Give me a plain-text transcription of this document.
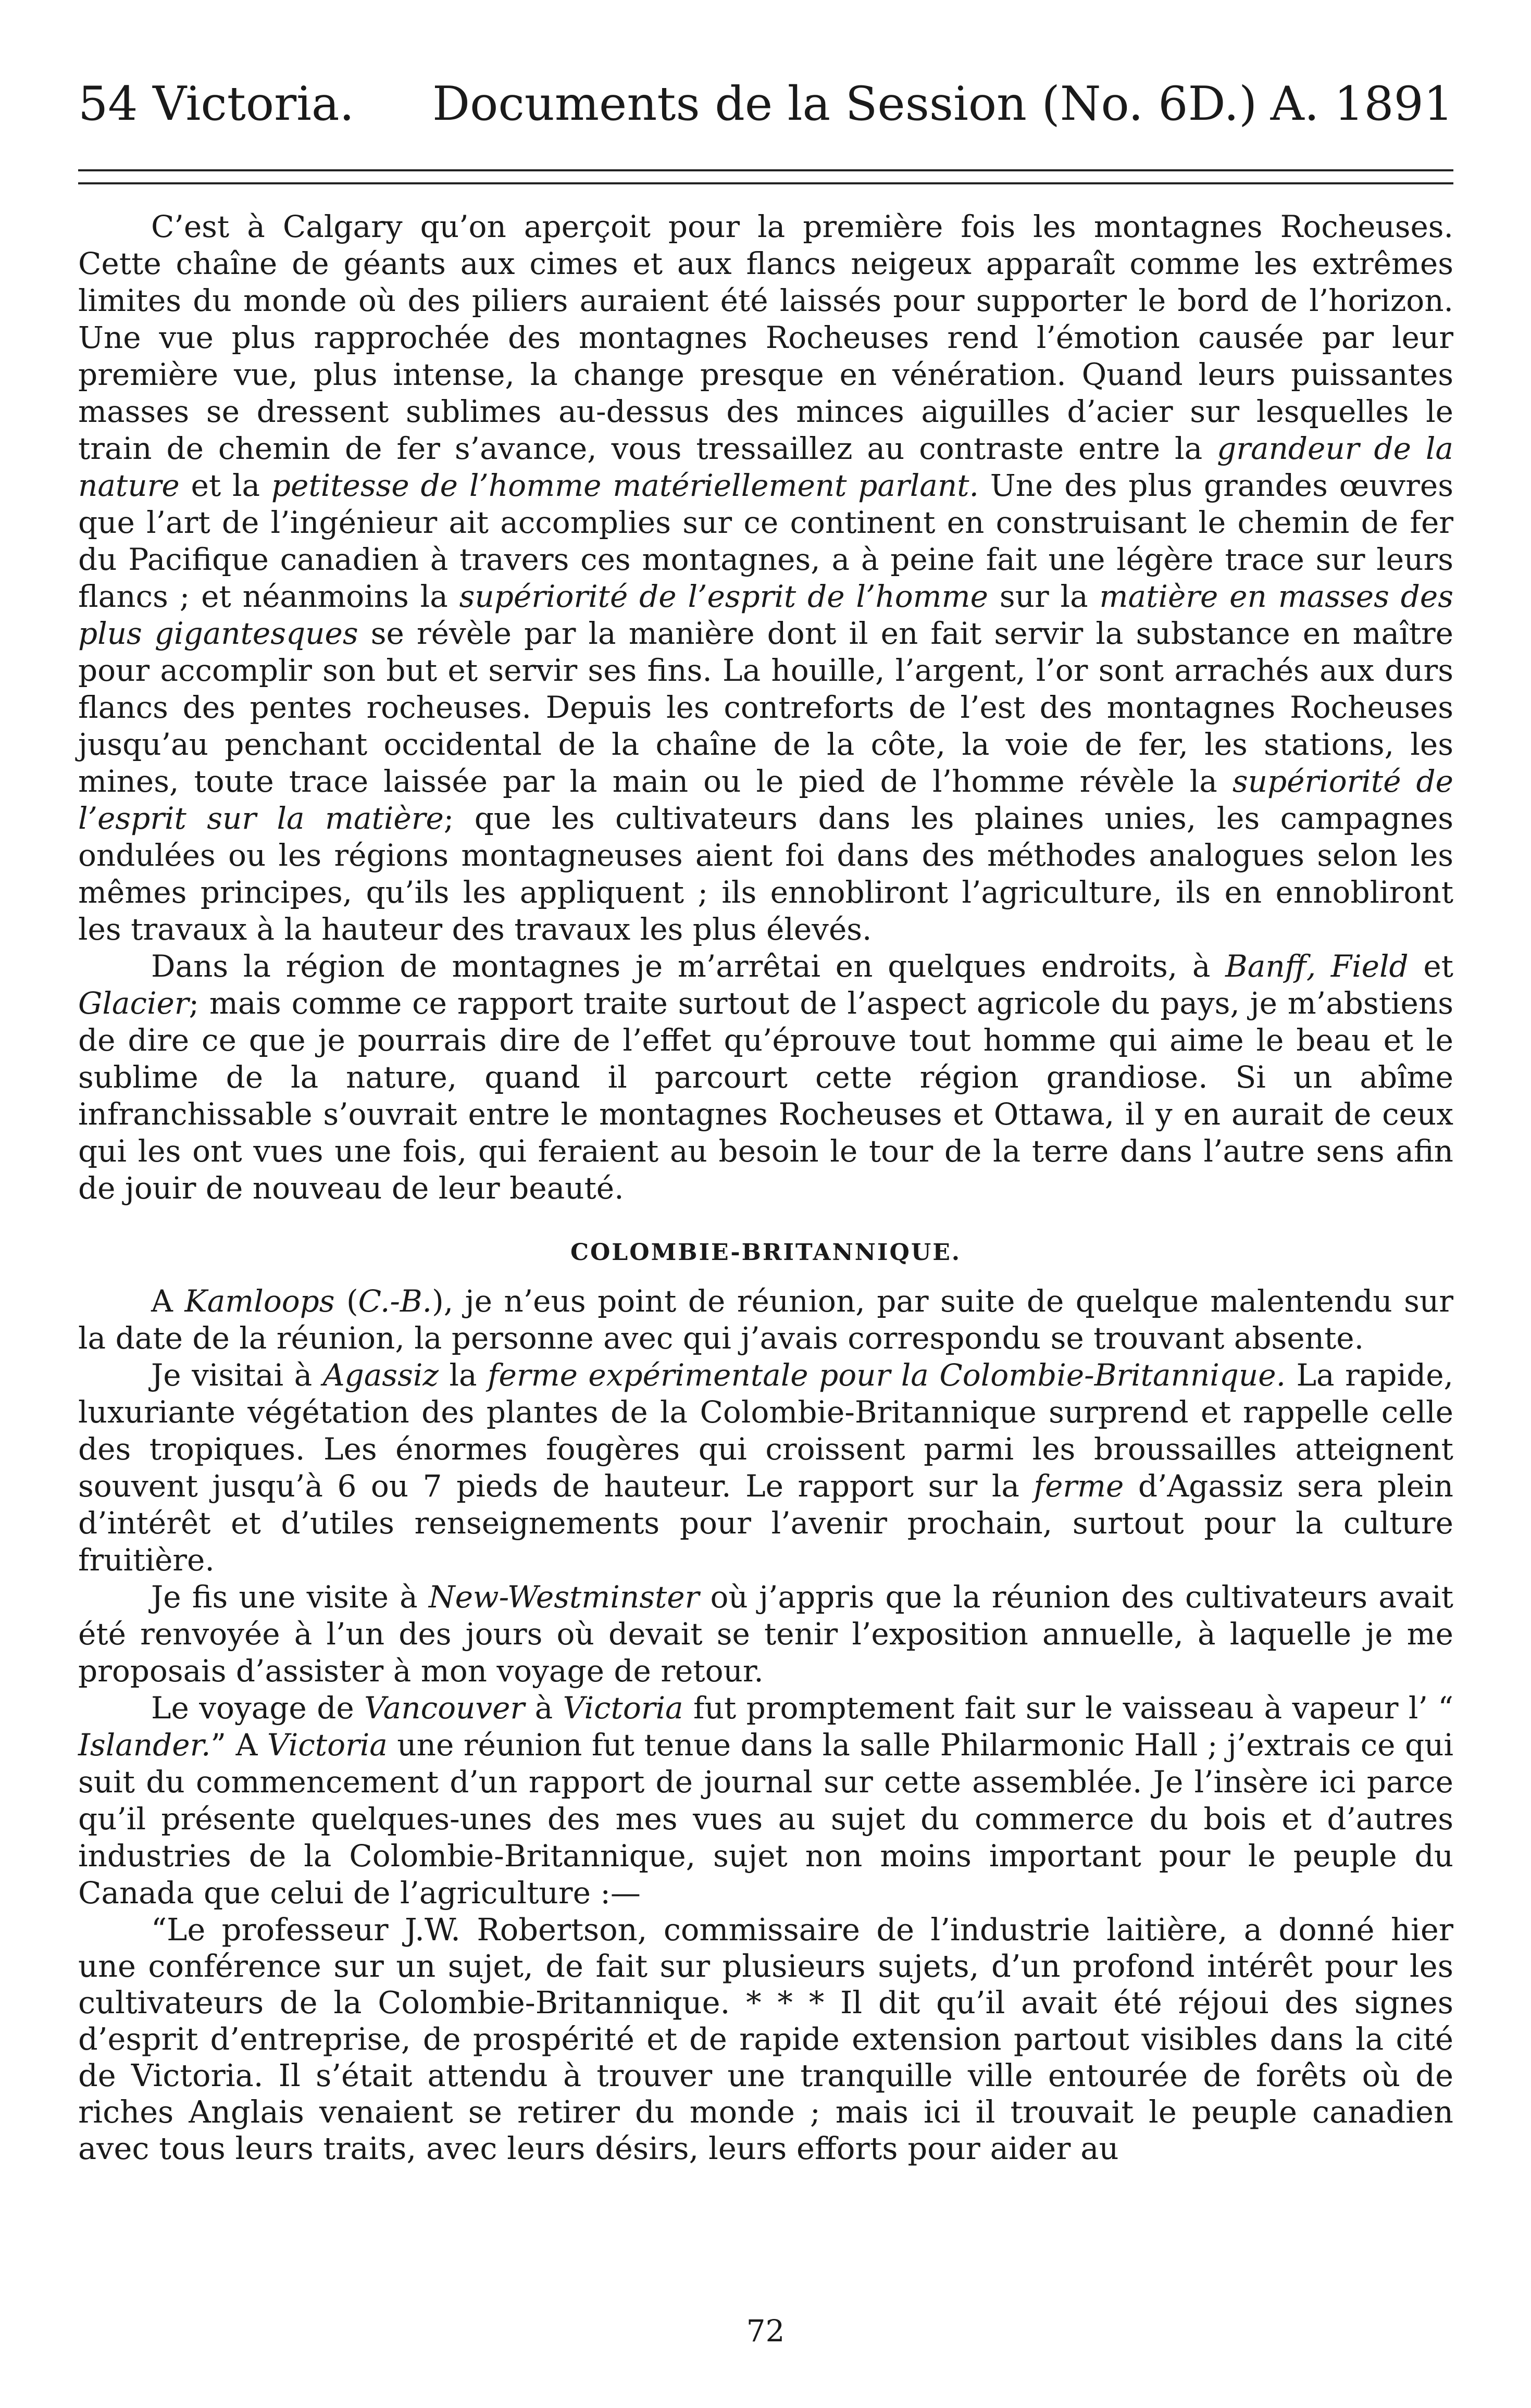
54 Victoria. Documents de la Session (No. 6D.) A. 1891

C’est à Calgary qu’on aperçoit pour la première fois les montagnes Rocheuses. Cette chaîne de géants aux cimes et aux flancs neigeux apparaît comme les extrêmes limites du monde où des piliers auraient été laissés pour supporter le bord de l’horizon. Une vue plus rapprochée des montagnes Rocheuses rend l’émotion causée par leur première vue, plus intense, la change presque en vénération. Quand leurs puissantes masses se dressent sublimes au-dessus des minces aiguilles d’acier sur lesquelles le train de chemin de fer s’avance, vous tressaillez au contraste entre la grandeur de la nature et la petitesse de l’homme matériellement parlant. Une des plus grandes œuvres que l’art de l’ingénieur ait accomplies sur ce continent en construisant le chemin de fer du Pacifique canadien à travers ces montagnes, a à peine fait une légère trace sur leurs flancs ; et néanmoins la supériorité de l’esprit de l’homme sur la matière en masses des plus gigantesques se révèle par la manière dont il en fait servir la substance en maître pour accomplir son but et servir ses fins. La houille, l’argent, l’or sont arrachés aux durs flancs des pentes rocheuses. Depuis les contreforts de l’est des montagnes Rocheuses jusqu’au penchant occidental de la chaîne de la côte, la voie de fer, les stations, les mines, toute trace laissée par la main ou le pied de l’homme révèle la supériorité de l’esprit sur la matière; que les cultivateurs dans les plaines unies, les campagnes ondulées ou les régions montagneuses aient foi dans des méthodes analogues selon les mêmes principes, qu’ils les appliquent ; ils ennobliront l’agriculture, ils en ennobliront les travaux à la hauteur des travaux les plus élevés.

Dans la région de montagnes je m’arrêtai en quelques endroits, à Banff, Field et Glacier; mais comme ce rapport traite surtout de l’aspect agricole du pays, je m’abstiens de dire ce que je pourrais dire de l’effet qu’éprouve tout homme qui aime le beau et le sublime de la nature, quand il parcourt cette région grandiose. Si un abîme infranchissable s’ouvrait entre le montagnes Rocheuses et Ottawa, il y en aurait de ceux qui les ont vues une fois, qui feraient au besoin le tour de la terre dans l’autre sens afin de jouir de nouveau de leur beauté.

COLOMBIE-BRITANNIQUE.

A Kamloops (C.-B.), je n’eus point de réunion, par suite de quelque malentendu sur la date de la réunion, la personne avec qui j’avais correspondu se trouvant absente.

Je visitai à Agassiz la ferme expérimentale pour la Colombie-Britannique. La rapide, luxuriante végétation des plantes de la Colombie-Britannique surprend et rappelle celle des tropiques. Les énormes fougères qui croissent parmi les broussailles atteignent souvent jusqu’à 6 ou 7 pieds de hauteur. Le rapport sur la ferme d’Agassiz sera plein d’intérêt et d’utiles renseignements pour l’avenir prochain, surtout pour la culture fruitière.

Je fis une visite à New-Westminster où j’appris que la réunion des cultivateurs avait été renvoyée à l’un des jours où devait se tenir l’exposition annuelle, à laquelle je me proposais d’assister à mon voyage de retour.

Le voyage de Vancouver à Victoria fut promptement fait sur le vaisseau à vapeur l’ “ Islander.” A Victoria une réunion fut tenue dans la salle Philarmonic Hall ; j’extrais ce qui suit du commencement d’un rapport de journal sur cette assemblée. Je l’insère ici parce qu’il présente quelques-unes des mes vues au sujet du commerce du bois et d’autres industries de la Colombie-Britannique, sujet non moins important pour le peuple du Canada que celui de l’agriculture :—

“Le professeur J.W. Robertson, commissaire de l’industrie laitière, a donné hier une conférence sur un sujet, de fait sur plusieurs sujets, d’un profond intérêt pour les cultivateurs de la Colombie-Britannique. * * * Il dit qu’il avait été réjoui des signes d’esprit d’entreprise, de prospérité et de rapide extension partout visibles dans la cité de Victoria. Il s’était attendu à trouver une tranquille ville entourée de forêts où de riches Anglais venaient se retirer du monde ; mais ici il trouvait le peuple canadien avec tous leurs traits, avec leurs désirs, leurs efforts pour aider au

72
